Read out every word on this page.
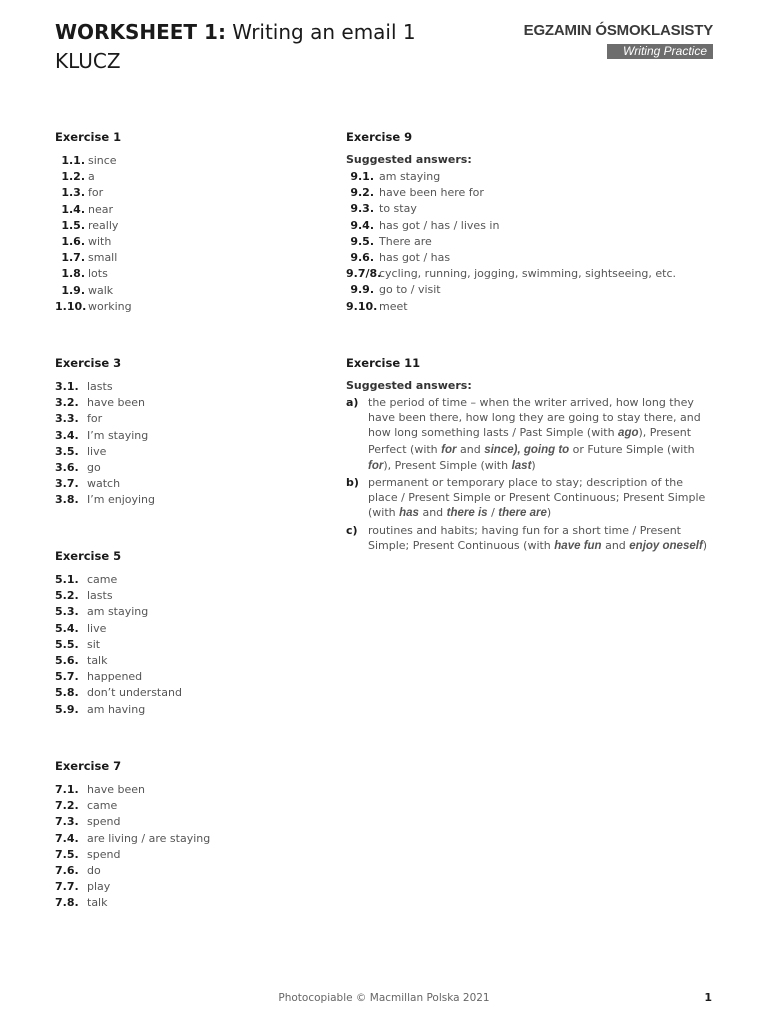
WORKSHEET 1: Writing an email 1
KLUCZ
EGZAMIN ÓSMOKLASISTY
Writing Practice
Exercise 1
1.1. since
1.2. a
1.3. for
1.4. near
1.5. really
1.6. with
1.7. small
1.8. lots
1.9. walk
1.10. working
Exercise 3
3.1. lasts
3.2. have been
3.3. for
3.4. I’m staying
3.5. live
3.6. go
3.7. watch
3.8. I’m enjoying
Exercise 5
5.1. came
5.2. lasts
5.3. am staying
5.4. live
5.5. sit
5.6. talk
5.7. happened
5.8. don’t understand
5.9. am having
Exercise 7
7.1. have been
7.2. came
7.3. spend
7.4. are living / are staying
7.5. spend
7.6. do
7.7. play
7.8. talk
Exercise 9
Suggested answers:
9.1. am staying
9.2. have been here for
9.3. to stay
9.4. has got / has / lives in
9.5. There are
9.6. has got / has
9.7/8.
cycling, running, jogging, swimming, sightseeing, etc.
9.9. go to / visit
9.10. meet
Exercise 11
Suggested answers:
a) the period of time – when the writer arrived, how long they have been there, how long they are going to stay there, and how long something lasts / Past Simple (with ago), Present Perfect (with for and since), going to or Future Simple (with for), Present Simple (with last)
b) permanent or temporary place to stay; description of the place / Present Simple or Present Continuous; Present Simple (with has and there is / there are)
c) routines and habits; having fun for a short time / Present Simple; Present Continuous (with have fun and enjoy oneself)
Photocopiable © Macmillan Polska 2021	1
